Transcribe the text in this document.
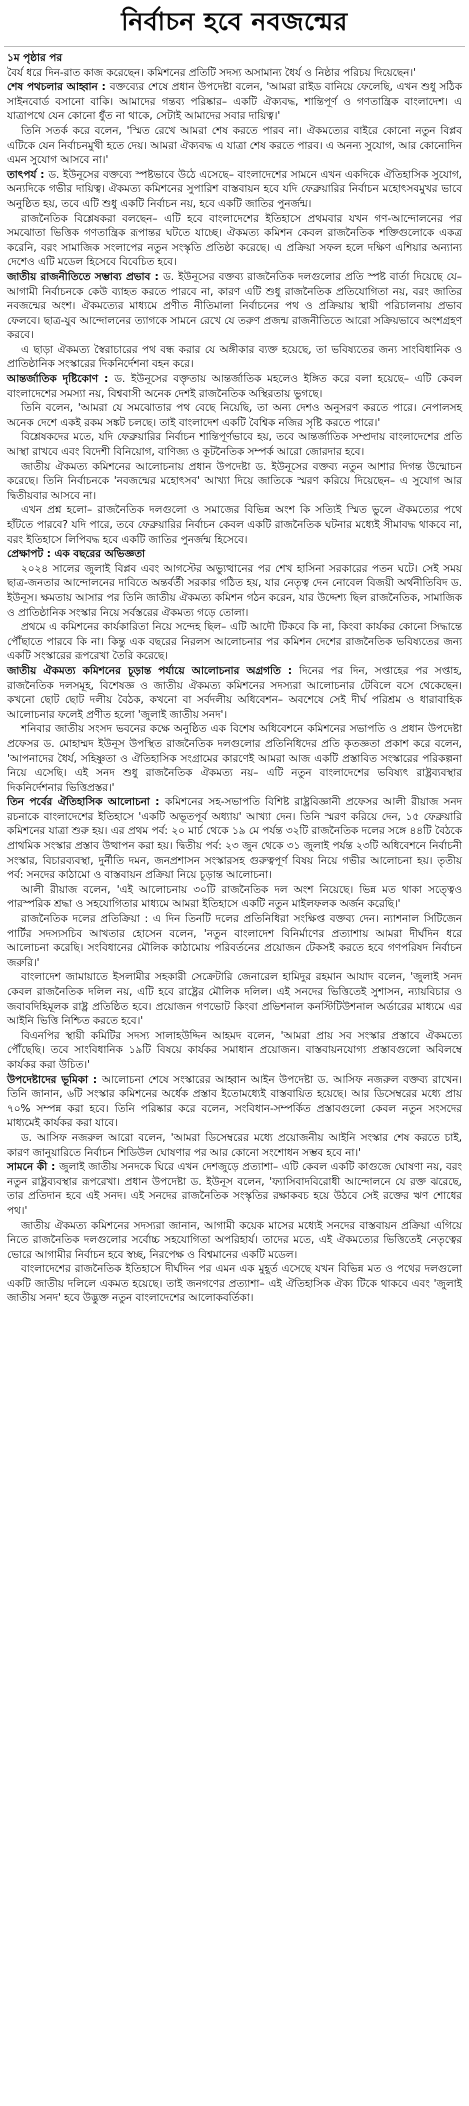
নির্বাচন হবে নবজন্মের
১ম পৃষ্ঠার পর

বৈর্য ধরে দিন-রাত কাজ করেছেন। কমিশনের প্রতিটি সদস্য অসামান্য ধৈর্য ও নিষ্ঠার পরিচয় দিয়েছেন।'

শেষ পথচলার আহ্বান : বক্তব্যের শেষে প্রধান উপদেষ্টা বলেন, 'আমরা রাইড বানিয়ে ফেলেছি, এখন শুধু সঠিক সাইনবোর্ড বসানো বাকি। আমাদের গন্তব্য পরিষ্কার– একটি ঐক্যবদ্ধ, শান্তিপূর্ণ ও গণতান্ত্রিক বাংলাদেশ। এ যাত্রাপথে যেন কোনো ধুঁত না থাকে, সেটাই আমাদের সবার দায়িত্ব।'

তিনি সতর্ক করে বলেন, 'স্মিত রেখে আমরা শেষ করতে পারব না। ঐকমত্যের বাইরে কোনো নতুন বিপ্লব এটিকে যেন নির্বাচনমুখী হতে দেয়। আমরা ঐক্যবদ্ধ এ যাত্রা শেষ করতে পারব। এ অনন্য সুযোগ, আর কোনোদিন এমন সুযোগ আসবে না।'

তাৎপর্য : ড. ইউনূসের বক্তব্যে স্পষ্টভাবে উঠে এসেছে– বাংলাদেশের সামনে এখন একদিকে ঐতিহাসিক সুযোগ, অন্যদিকে গভীর দায়িত্ব। ঐকমত্য কমিশনের সুপারিশ বাস্তবায়ন হবে যদি ফেব্রুয়ারির নির্বাচন মহোৎসবমুখর ভাবে অনুষ্ঠিত হয়, তবে এটি শুধু একটি নির্বাচন নয়, হবে একটি জাতির পুনর্জন্ম।

রাজনৈতিক বিশ্লেষকরা বলছেন– এটি হবে বাংলাদেশের ইতিহাসে প্রথমবার যখন গণ-আন্দোলনের পর সমঝোতা ভিত্তিক গণতান্ত্রিক রূপান্তর ঘটতে যাচ্ছে। ঐকমত্য কমিশন কেবল রাজনৈতিক শক্তিগুলোকে একত্র করেনি, বরং সামাজিক সংলাপের নতুন সংস্কৃতি প্রতিষ্ঠা করেছে। এ প্রক্রিয়া সফল হলে দক্ষিণ এশিয়ার অন্যান্য দেশেও এটি মডেল হিসেবে বিবেচিত হবে।

জাতীয় রাজনীতিতে সম্ভাব্য প্রভাব : ড. ইউনূসের বক্তব্য রাজনৈতিক দলগুলোর প্রতি স্পষ্ট বার্তা দিয়েছে যে– আগামী নির্বাচনকে কেউ ব্যাহত করতে পারবে না, কারণ এটি শুধু রাজনৈতিক প্রতিযোগিতা নয়, বরং জাতির নবজন্মের অংশ। ঐকমত্যের মাধ্যমে প্রণীত নীতিমালা নির্বাচনের পথ ও প্রক্রিয়ায় স্থায়ী পরিচালনায় প্রভাব ফেলবে। ছাত্র-যুব আন্দোলনের ত্যাগকে সামনে রেখে যে তরুণ প্রজন্ম রাজনীতিতে আরো সক্রিয়ভাবে অংশগ্রহণ করবে।

এ ছাড়া ঐকমত্য স্বৈরাচারের পথ বন্ধ করার যে অঙ্গীকার ব্যক্ত হয়েছে, তা ভবিষ্যতের জন্য সাংবিধানিক ও প্রাতিষ্ঠানিক সংস্কারের দিকনির্দেশনা বহন করে।

আন্তর্জাতিক দৃষ্টিকোণ : ড. ইউনূসের বক্তৃতায় আন্তর্জাতিক মহলেও ইঙ্গিত করে বলা হয়েছে– এটি কেবল বাংলাদেশের সমস্যা নয়, বিশ্ববাসী অনেক দেশই রাজনৈতিক অস্থিরতায় ভুগছে।

তিনি বলেন, 'আমরা যে সমঝোতার পথ বেছে নিয়েছি, তা অন্য দেশও অনুসরণ করতে পারে। নেপালসহ অনেক দেশে একই রকম সঙ্কট চলছে। তাই বাংলাদেশ একটি বৈশ্বিক নজির সৃষ্টি করতে পারে।'

বিশ্লেষকদের মতে, যদি ফেব্রুয়ারির নির্বাচন শান্তিপূর্ণভাবে হয়, তবে আন্তর্জাতিক সম্প্রদায় বাংলাদেশের প্রতি আস্থা রাখবে এবং বিদেশী বিনিয়োগ, বাণিজ্য ও কূটনৈতিক সম্পর্ক আরো জোরদার হবে।

জাতীয় ঐকমত্য কমিশনের আলোচনায় প্রধান উপদেষ্টা ড. ইউনূসের বক্তব্য নতুন আশার দিগন্ত উন্মোচন করেছে। তিনি নির্বাচনকে 'নবজন্মের মহোৎসব' আখ্যা দিয়ে জাতিকে স্মরণ করিয়ে দিয়েছেন– এ সুযোগ আর দ্বিতীয়বার আসবে না।

এখন প্রশ্ন হলো– রাজনৈতিক দলগুলো ও সমাজের বিভিন্ন অংশ কি সত্যিই স্মিত ভুলে ঐকমত্যের পথে হাঁটতে পারবে? যদি পারে, তবে ফেব্রুয়ারির নির্বাচন কেবল একটি রাজনৈতিক ঘটনার মধ্যেই সীমাবদ্ধ থাকবে না, বরং ইতিহাসে লিপিবদ্ধ হবে একটি জাতির পুনর্জন্ম হিসেবে।

প্রেক্ষাপট : এক বছরের অভিজ্ঞতা

২০২৪ সালের জুলাই বিপ্লব এবং আগস্টের অভ্যুত্থানের পর শেখ হাসিনা সরকারের পতন ঘটে। সেই সময় ছাত্র-জনতার আন্দোলনের দাবিতে অন্তর্বর্তী সরকার গঠিত হয়, যার নেতৃত্ব দেন নোবেল বিজয়ী অর্থনীতিবিদ ড. ইউনূস। ক্ষমতায় আসার পর তিনি জাতীয় ঐকমত্য কমিশন গঠন করেন, যার উদ্দেশ্য ছিল রাজনৈতিক, সামাজিক ও প্রাতিষ্ঠানিক সংস্কার নিয়ে সর্বস্তরের ঐকমত্য গড়ে তোলা।

প্রথমে এ কমিশনের কার্যকারিতা নিয়ে সন্দেহ ছিল– এটি আদৌ টিকবে কি না, কিংবা কার্যকর কোনো সিদ্ধান্তে পৌঁছাতে পারবে কি না। কিন্তু এক বছরের নিরলস আলোচনার পর কমিশন দেশের রাজনৈতিক ভবিষ্যতের জন্য একটি সংস্কারের রূপরেখা তৈরি করেছে।

জাতীয় ঐকমত্য কমিশনের চূড়ান্ত পর্যায়ে আলোচনার অগ্রগতি : দিনের পর দিন, সপ্তাহের পর সপ্তাহ, রাজনৈতিক দলসমূহ, বিশেষজ্ঞ ও জাতীয় ঐকমত্য কমিশনের সদস্যরা আলোচনার টেবিলে বসে থেকেছেন। কখনো ছোট ছোট দলীয় বৈঠক, কখনো বা সর্বদলীয় অধিবেশন– অবশেষে সেই দীর্ঘ পরিশ্রম ও ধারাবাহিক আলোচনার ফলেই প্রণীত হলো 'জুলাই জাতীয় সনদ'।

শনিবার জাতীয় সংসদ ভবনের কক্ষে অনুষ্ঠিত এক বিশেষ অধিবেশনে কমিশনের সভাপতি ও প্রধান উপদেষ্টা প্রফেসর ড. মোহাম্মদ ইউনূস উপস্থিত রাজনৈতিক দলগুলোর প্রতিনিধিদের প্রতি কৃতজ্ঞতা প্রকাশ করে বলেন, 'আপনাদের ধৈর্য, সহিষ্ণুতা ও ঐতিহাসিক সংগ্রামের কারণেই আমরা আজ একটি প্রস্তাবিত সংস্কারের পরিকল্পনা নিয়ে এসেছি। এই সনদ শুধু রাজনৈতিক ঐকমত্য নয়– এটি নতুন বাংলাদেশের ভবিষ্যৎ রাষ্ট্রব্যবস্থার দিকনির্দেশনার ভিত্তিপ্রস্তর।'

তিন পর্বের ঐতিহাসিক আলোচনা : কমিশনের সহ-সভাপতি বিশিষ্ট রাষ্ট্রবিজ্ঞানী প্রফেসর আলী রীয়াজ সনদ রচনাকে বাংলাদেশের ইতিহাসে 'একটি অভূতপূর্ব অধ্যায়' আখ্যা দেন। তিনি স্মরণ করিয়ে দেন, ১৫ ফেব্রুয়ারি কমিশনের যাত্রা শুরু হয়। এর প্রথম পর্ব: ২০ মার্চ থেকে ১৯ মে পর্যন্ত ৩২টি রাজনৈতিক দলের সঙ্গে ৪৪টি বৈঠকে প্রাথমিক সংস্কার প্রস্তাব উত্থাপন করা হয়। দ্বিতীয় পর্ব: ২৩ জুন থেকে ৩১ জুলাই পর্যন্ত ২৩টি অধিবেশনে নির্বাচনী সংস্কার, বিচারব্যবস্থা, দুর্নীতি দমন, জনপ্রশাসন সংস্কারসহ গুরুত্বপূর্ণ বিষয় নিয়ে গভীর আলোচনা হয়। তৃতীয় পর্ব: সনদের কাঠামো ও বাস্তবায়ন প্রক্রিয়া নিয়ে চূড়ান্ত আলোচনা।

আলী রীয়াজ বলেন, 'এই আলোচনায় ৩০টি রাজনৈতিক দল অংশ নিয়েছে। ভিন্ন মত থাকা সত্ত্বেও পারস্পরিক শ্রদ্ধা ও সহযোগিতার মাধ্যমে আমরা ইতিহাসে একটি নতুন মাইলফলক অর্জন করেছি।'

রাজনৈতিক দলের প্রতিক্রিয়া : এ দিন তিনটি দলের প্রতিনিধিরা সংক্ষিপ্ত বক্তব্য দেন। ন্যাশনাল সিটিজেন পার্টির সদস্যসচিব আখতার হোসেন বলেন, 'নতুন বাংলাদেশ বিনির্মাণের প্রত্যাশায় আমরা দীর্ঘদিন ধরে আলোচনা করেছি। সংবিধানের মৌলিক কাঠামোয় পরিবর্তনের প্রয়োজন টেকসই করতে হবে গণপরিষদ নির্বাচন জরুরি।'

বাংলাদেশ জামায়াতে ইসলামীর সহকারী সেক্রেটারি জেনারেল হামিদুর রহমান আযাদ বলেন, 'জুলাই সনদ কেবল রাজনৈতিক দলিল নয়, এটি হবে রাষ্ট্রের মৌলিক দলিল। এই সনদের ভিত্তিতেই সুশাসন, ন্যায়বিচার ও জবাবদিহিমূলক রাষ্ট্র প্রতিষ্ঠিত হবে। প্রয়োজন গণভোট কিংবা প্রভিশনাল কনস্টিটিউশনাল অর্ডারের মাধ্যমে এর আইনি ভিত্তি নিশ্চিত করতে হবে।'

বিএনপির স্থায়ী কমিটির সদস্য সালাহউদ্দিন আহমদ বলেন, 'আমরা প্রায় সব সংস্কার প্রস্তাবে ঐকমত্যে পৌঁছেছি। তবে সাংবিধানিক ১৯টি বিষয়ে কার্যকর সমাধান প্রয়োজন। বাস্তবায়নযোগ্য প্রস্তাবগুলো অবিলম্বে কার্যকর করা উচিত।'

উপদেষ্টাদের ভূমিকা : আলোচনা শেষে সংস্কারের আহ্বান আইন উপদেষ্টা ড. আসিফ নজরুল বক্তব্য রাখেন। তিনি জানান, ৬টি সংস্কার কমিশনের অর্ধেক প্রস্তাব ইতোমধ্যেই বাস্তবায়িত হয়েছে। আর ডিসেম্বরের মধ্যে প্রায় ৭০% সম্পন্ন করা হবে। তিনি পরিষ্কার করে বলেন, সংবিধান-সম্পর্কিত প্রস্তাবগুলো কেবল নতুন সংসদের মাধ্যমেই কার্যকর করা যাবে।

ড. আসিফ নজরুল আরো বলেন, 'আমরা ডিসেম্বরের মধ্যে প্রয়োজনীয় আইনি সংস্কার শেষ করতে চাই, কারণ জানুয়ারিতে নির্বাচন শিডিউল ঘোষণার পর আর কোনো সংশোধন সম্ভব হবে না।'

সামনে কী : জুলাই জাতীয় সনদকে ঘিরে এখন দেশজুড়ে প্রত্যাশা– এটি কেবল একটি কাগুজে ঘোষণা নয়, বরং নতুন রাষ্ট্রব্যবস্থার রূপরেখা। প্রধান উপদেষ্টা ড. ইউনূস বলেন, 'ফ্যাসিবাদবিরোধী আন্দোলনে যে রক্ত ঝরেছে, তার প্রতিদান হবে এই সনদ। এই সনদের রাজনৈতিক সংস্কৃতির রক্ষাকবচ হয়ে উঠবে সেই রক্তের ঋণ শোধের পথ।'

জাতীয় ঐকমত্য কমিশনের সদস্যরা জানান, আগামী কয়েক মাসের মধ্যেই সনদের বাস্তবায়ন প্রক্রিয়া এগিয়ে নিতে রাজনৈতিক দলগুলোর সর্বোচ্চ সহযোগিতা অপরিহার্য। তাদের মতে, এই ঐকমত্যের ভিত্তিতেই নেতৃত্বের ভোরে আগামীর নির্বাচন হবে স্বচ্ছ, নিরপেক্ষ ও বিশ্বমানের একটি মডেল।

বাংলাদেশের রাজনৈতিক ইতিহাসে দীর্ঘদিন পর এমন এক মুহূর্ত এসেছে যখন বিভিন্ন মত ও পথের দলগুলো একটি জাতীয় দলিলে একমত হয়েছে। তাই জনগণের প্রত্যাশা– এই ঐতিহাসিক ঐক্য টিকে থাকবে এবং 'জুলাই জাতীয় সনদ' হবে উদ্ভুক্ত নতুন বাংলাদেশের আলোকবর্তিকা।
